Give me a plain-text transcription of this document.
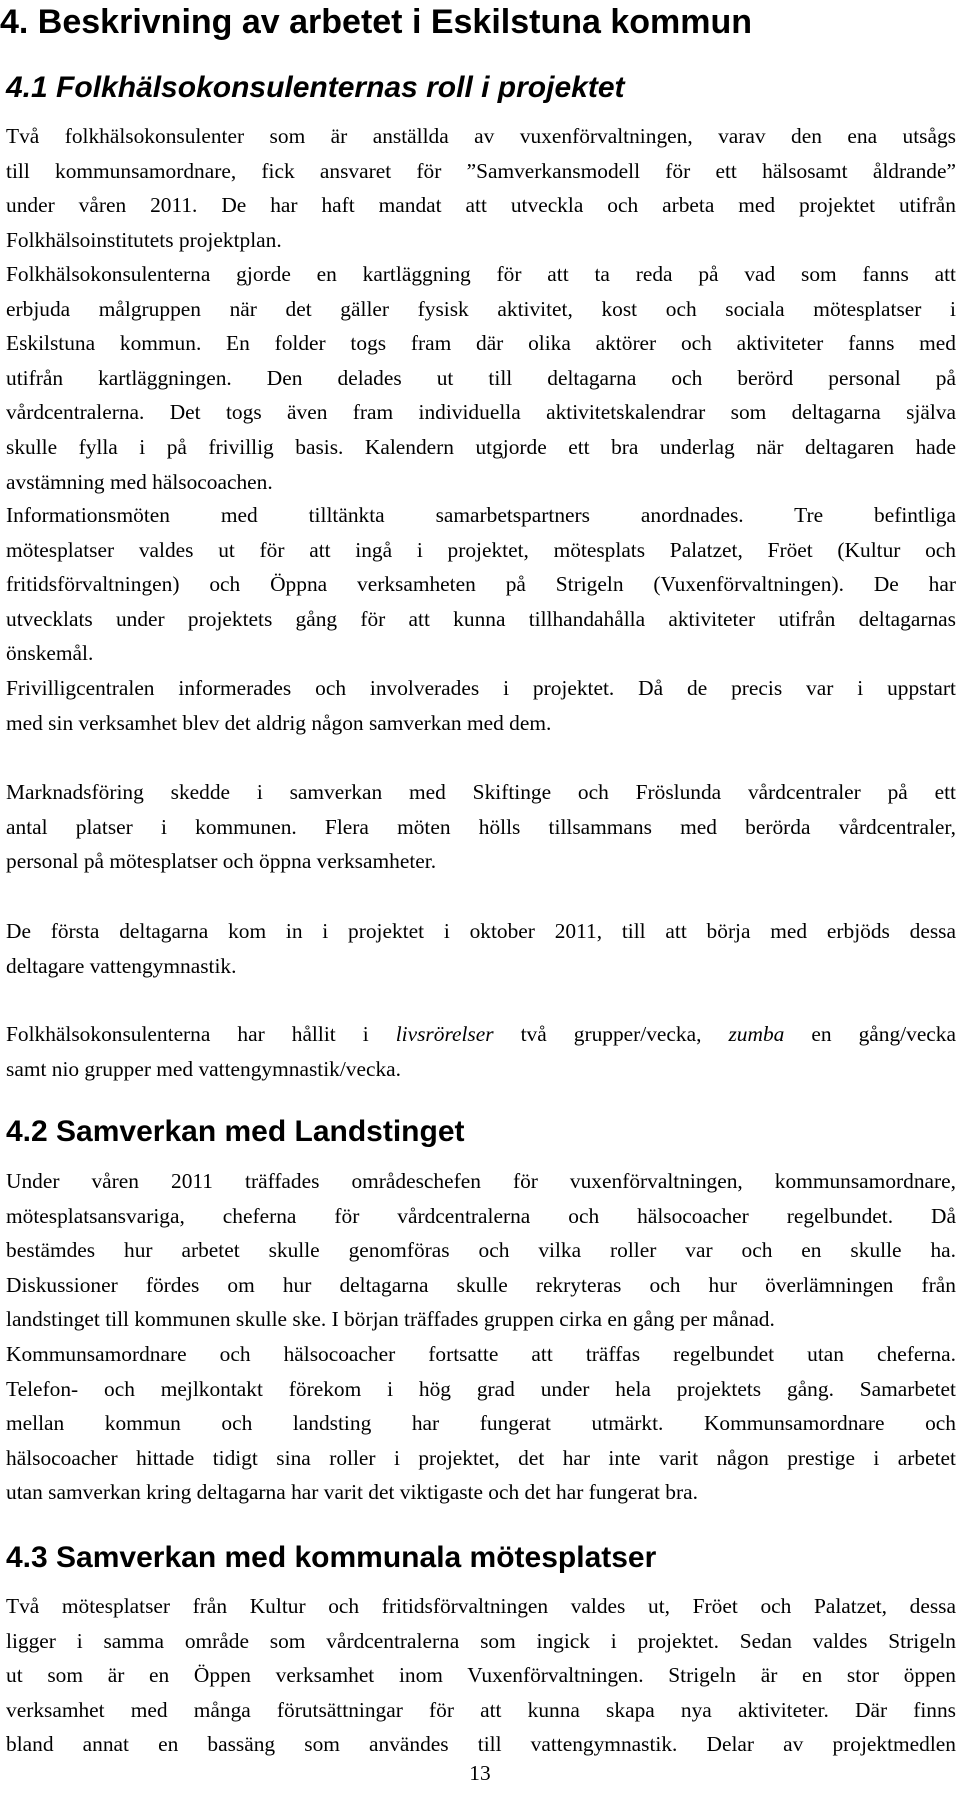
4. Beskrivning av arbetet i Eskilstuna kommun
4.1 Folkhälsokonsulenternas roll i projektet
Två folkhälsokonsulenter som är anställda av vuxenförvaltningen, varav den ena utsågs
till kommunsamordnare, fick ansvaret för ”Samverkansmodell för ett hälsosamt åldrande”
under våren 2011. De har haft mandat att utveckla och arbeta med projektet utifrån
Folkhälsoinstitutets projektplan.
Folkhälsokonsulenterna gjorde en kartläggning för att ta reda på vad som fanns att
erbjuda målgruppen när det gäller fysisk aktivitet, kost och sociala mötesplatser i
Eskilstuna kommun. En folder togs fram där olika aktörer och aktiviteter fanns med
utifrån kartläggningen. Den delades ut till deltagarna och berörd personal på
vårdcentralerna. Det togs även fram individuella aktivitetskalendrar som deltagarna själva
skulle fylla i på frivillig basis. Kalendern utgjorde ett bra underlag när deltagaren hade
avstämning med hälsocoachen.
Informationsmöten med tilltänkta samarbetspartners anordnades. Tre befintliga
mötesplatser valdes ut för att ingå i projektet, mötesplats Palatzet, Fröet (Kultur och
fritidsförvaltningen) och Öppna verksamheten på Strigeln (Vuxenförvaltningen). De har
utvecklats under projektets gång för att kunna tillhandahålla aktiviteter utifrån deltagarnas
önskemål.
Frivilligcentralen informerades och involverades i projektet. Då de precis var i uppstart
med sin verksamhet blev det aldrig någon samverkan med dem.
Marknadsföring skedde i samverkan med Skiftinge och Fröslunda vårdcentraler på ett
antal platser i kommunen. Flera möten hölls tillsammans med berörda vårdcentraler,
personal på mötesplatser och öppna verksamheter.
De första deltagarna kom in i projektet i oktober 2011, till att börja med erbjöds dessa
deltagare vattengymnastik.
Folkhälsokonsulenterna har hållit i livsrörelser två grupper/vecka, zumba en gång/vecka
samt nio grupper med vattengymnastik/vecka.
4.2 Samverkan med Landstinget
Under våren 2011 träffades områdeschefen för vuxenförvaltningen, kommunsamordnare,
mötesplatsansvariga, cheferna för vårdcentralerna och hälsocoacher regelbundet. Då
bestämdes hur arbetet skulle genomföras och vilka roller var och en skulle ha.
Diskussioner fördes om hur deltagarna skulle rekryteras och hur överlämningen från
landstinget till kommunen skulle ske. I början träffades gruppen cirka en gång per månad.
Kommunsamordnare och hälsocoacher fortsatte att träffas regelbundet utan cheferna.
Telefon- och mejlkontakt förekom i hög grad under hela projektets gång. Samarbetet
mellan kommun och landsting har fungerat utmärkt. Kommunsamordnare och
hälsocoacher hittade tidigt sina roller i projektet, det har inte varit någon prestige i arbetet
utan samverkan kring deltagarna har varit det viktigaste och det har fungerat bra.
4.3 Samverkan med kommunala mötesplatser
Två mötesplatser från Kultur och fritidsförvaltningen valdes ut, Fröet och Palatzet, dessa
ligger i samma område som vårdcentralerna som ingick i projektet. Sedan valdes Strigeln
ut som är en Öppen verksamhet inom Vuxenförvaltningen. Strigeln är en stor öppen
verksamhet med många förutsättningar för att kunna skapa nya aktiviteter. Där finns
bland annat en bassäng som användes till vattengymnastik. Delar av projektmedlen
13
